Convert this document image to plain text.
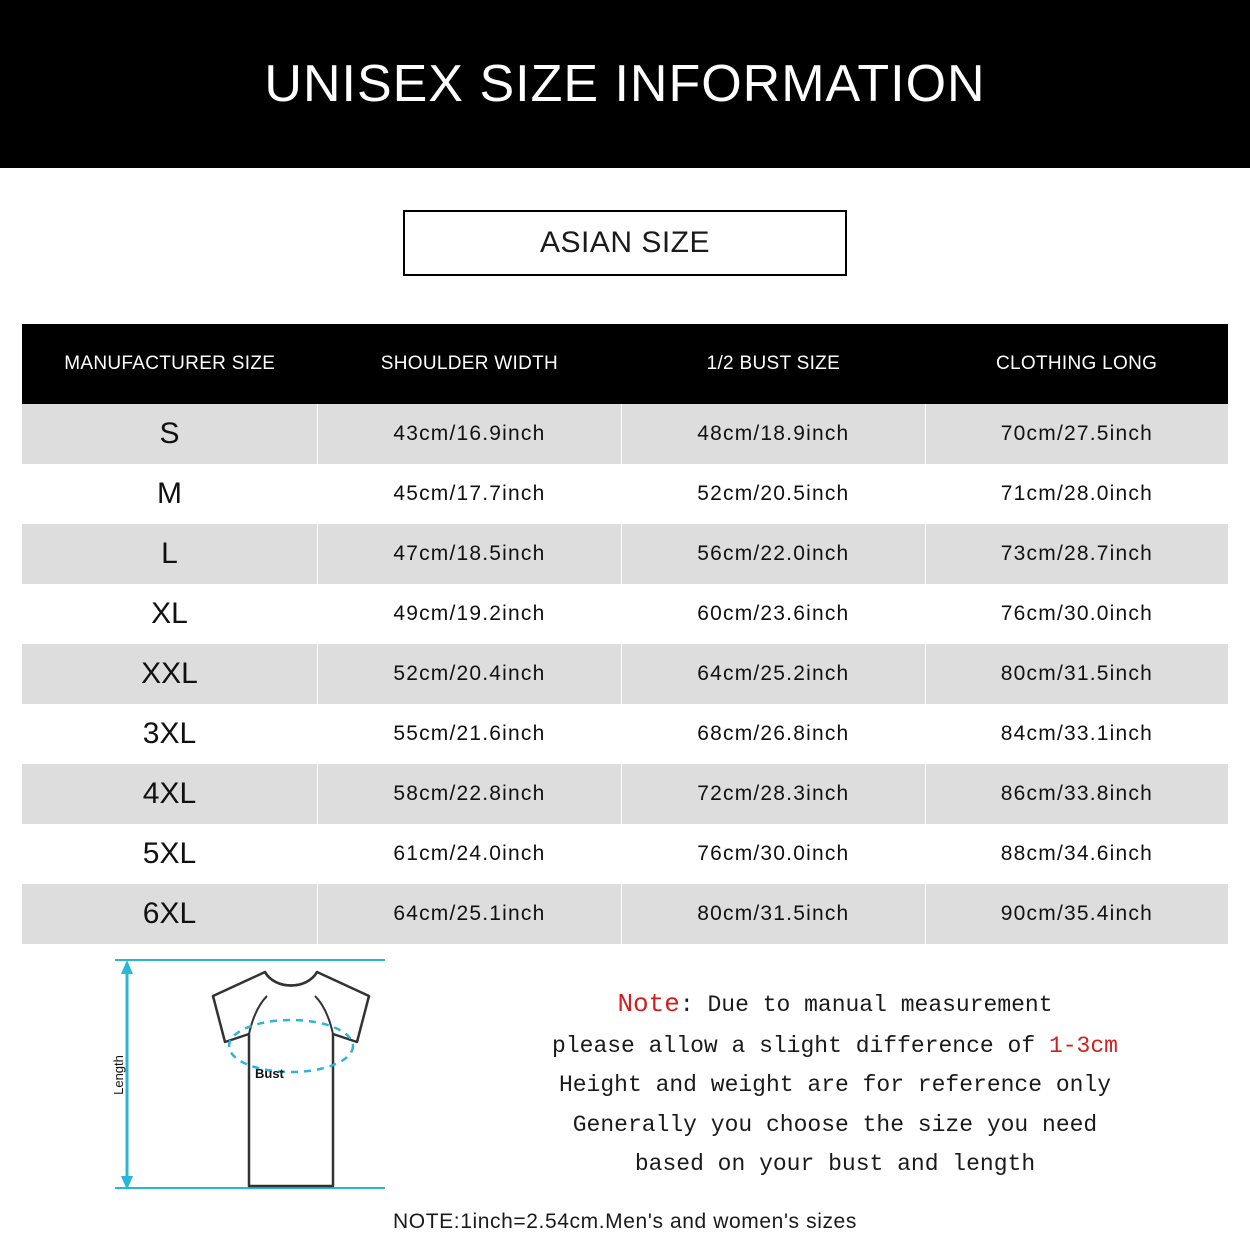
UNISEX SIZE INFORMATION
ASIAN SIZE
MANUFACTURER SIZE	SHOULDER WIDTH	1/2 BUST SIZE	CLOTHING LONG
S	43cm/16.9inch	48cm/18.9inch	70cm/27.5inch
M	45cm/17.7inch	52cm/20.5inch	71cm/28.0inch
L	47cm/18.5inch	56cm/22.0inch	73cm/28.7inch
XL	49cm/19.2inch	60cm/23.6inch	76cm/30.0inch
XXL	52cm/20.4inch	64cm/25.2inch	80cm/31.5inch
3XL	55cm/21.6inch	68cm/26.8inch	84cm/33.1inch
4XL	58cm/22.8inch	72cm/28.3inch	86cm/33.8inch
5XL	61cm/24.0inch	76cm/30.0inch	88cm/34.6inch
6XL	64cm/25.1inch	80cm/31.5inch	90cm/35.4inch
Length	Bust
Note: Due to manual measurement
please allow a slight difference of 1-3cm
Height and weight are for reference only
Generally you choose the size you need
based on your bust and length
NOTE:1inch=2.54cm.Men's and women's sizes
